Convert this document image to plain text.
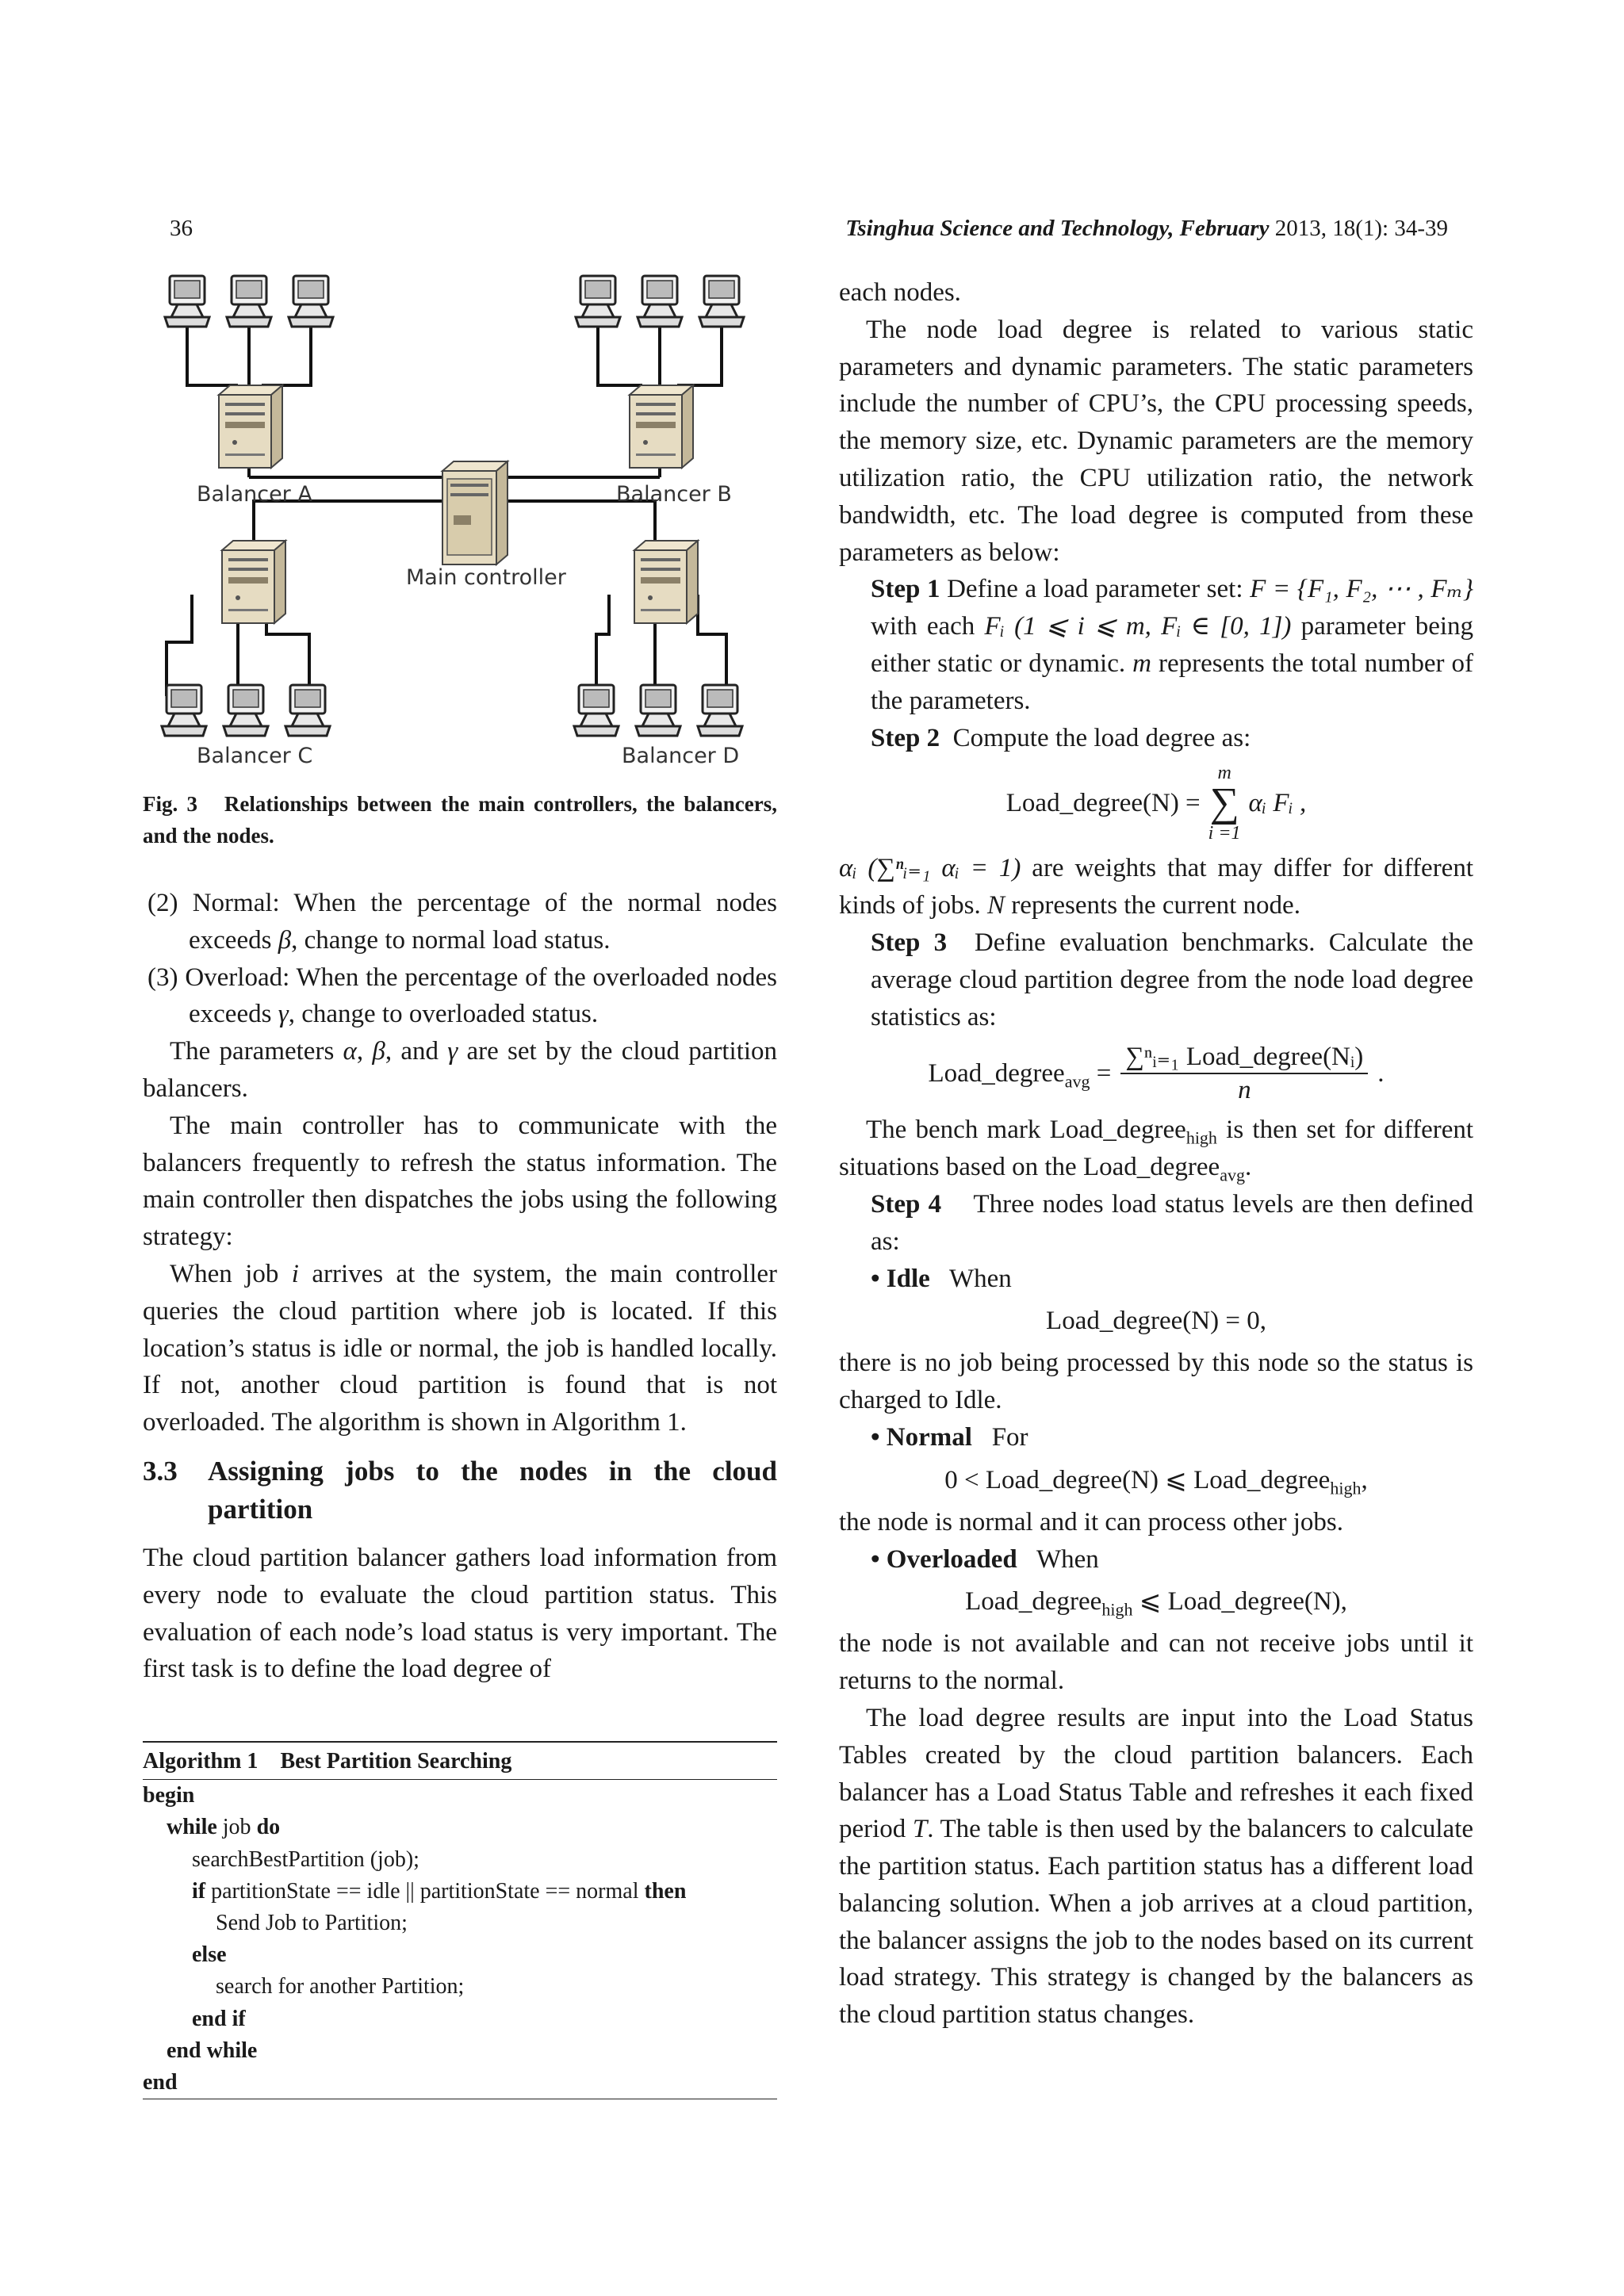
36	Tsinghua Science and Technology, February 2013, 18(1): 34-39
Balancer A	Balancer B
Main controller
Balancer C	Balancer D
Fig. 3 Relationships between the main controllers, the balancers, and the nodes.

(2) Normal: When the percentage of the normal nodes exceeds β, change to normal load status.

(3) Overload: When the percentage of the overloaded nodes exceeds γ, change to overloaded status.

The parameters α, β, and γ are set by the cloud partition balancers.

The main controller has to communicate with the balancers frequently to refresh the status information. The main controller then dispatches the jobs using the following strategy:

When job i arrives at the system, the main controller queries the cloud partition where job is located. If this location’s status is idle or normal, the job is handled locally. If not, another cloud partition is found that is not overloaded. The algorithm is shown in Algorithm 1.

3.3	Assigning jobs to the nodes in the cloud partition

The cloud partition balancer gathers load information from every node to evaluate the cloud partition status. This evaluation of each node’s load status is very important. The first task is to define the load degree of

Algorithm 1 Best Partition Searching
begin
while job do
searchBestPartition (job);
if partitionState == idle || partitionState == normal then
Send Job to Partition;
else
search for another Partition;
end if
end while
end

each nodes.

The node load degree is related to various static parameters and dynamic parameters. The static parameters include the number of CPU’s, the CPU processing speeds, the memory size, etc. Dynamic parameters are the memory utilization ratio, the CPU utilization ratio, the network bandwidth, etc. The load degree is computed from these parameters as below:

Step 1 Define a load parameter set: F = {F₁, F₂, ⋯ , Fₘ} with each Fᵢ (1 ⩽ i ⩽ m, Fᵢ ∈ [0, 1]) parameter being either static or dynamic. m represents the total number of the parameters.

Step 2 Compute the load degree as:

Load_degree(N) =
m
∑
i =1
αᵢ Fᵢ ,

αᵢ (∑ⁿᵢ₌₁ αᵢ = 1) are weights that may differ for different kinds of jobs. N represents the current node.

Step 3 Define evaluation benchmarks. Calculate the average cloud partition degree from the node load degree statistics as:

Load_degree$_{avg}$ = $\frac{\text{∑ⁿᵢ₌₁ Load\_degree(Nᵢ)}}{n}$ .

The bench mark Load_degree$_{high}$ is then set for different situations based on the Load_degree$_{avg}$.

Step 4 Three nodes load status levels are then defined as:

• Idle When

Load_degree(N) = 0,

there is no job being processed by this node so the status is charged to Idle.

• Normal For

0 < Load_degree(N) ⩽ Load_degree$_{high}$,

the node is normal and it can process other jobs.

• Overloaded When

Load_degree$_{high}$ ⩽ Load_degree(N),

the node is not available and can not receive jobs until it returns to the normal.

The load degree results are input into the Load Status Tables created by the cloud partition balancers. Each balancer has a Load Status Table and refreshes it each fixed period T. The table is then used by the balancers to calculate the partition status. Each partition status has a different load balancing solution. When a job arrives at a cloud partition, the balancer assigns the job to the nodes based on its current load strategy. This strategy is changed by the balancers as the cloud partition status changes.
